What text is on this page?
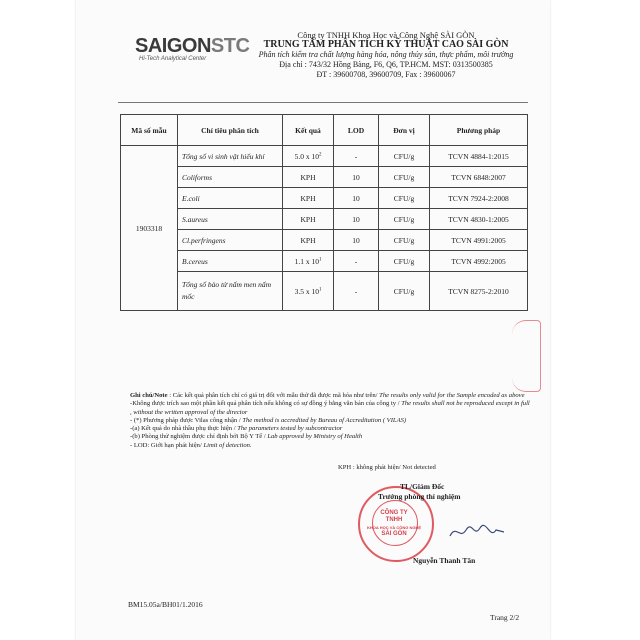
SAIGONSTC
Hi-Tech Analytical Center
Công ty TNHH Khoa Học và Công Nghệ SÀI GÒN
TRUNG TÂM PHÂN TÍCH KỸ THUẬT CAO SÀI GÒN
Phân tích kiểm tra chất lượng hàng hóa, nông thủy sản, thực phẩm, môi trường
Địa chỉ : 743/32 Hồng Bàng, F6, Q6, TP.HCM. MST: 0313500385
ĐT : 39600708, 39600709, Fax : 39600067
Mã số mẫu	Chỉ tiêu phân tích	Kết quả	LOD	Đơn vị	Phương pháp
1903318	Tổng số vi sinh vật hiếu khí	5.0 x $10^2$	-	CFU/g	TCVN 4884-1:2015
	Coliforms	KPH	10	CFU/g	TCVN 6848:2007
	E.coli	KPH	10	CFU/g	TCVN 7924-2:2008
	S.aureus	KPH	10	CFU/g	TCVN 4830-1:2005
	Cl.perfringens	KPH	10	CFU/g	TCVN 4991:2005
	B.cereus	1.1 x $10^1$	-	CFU/g	TCVN 4992:2005
	Tổng số bào tử nấm men nấm mốc	3.5 x $10^1$	-	CFU/g	TCVN 8275-2:2010
Ghi chú/Note : Các kết quả phân tích chỉ có giá trị đối với mẫu thử đã được mã hóa như trên/ The results only valid for the Sample encoded as above
-Không được trích sao một phần kết quả phân tích nếu không có sự đồng ý bằng văn bản của công ty / The results shall not be reproduced except in full , without the written approval of the director
- (*) Phương pháp được Vilas công nhận / The method is accredited by Bureau of Accreditation ( VILAS)
-(a) Kết quả do nhà thầu phụ thực hiện / The parameters tested by subcontractor
-(b) Phòng thử nghiệm được chỉ định bởi Bộ Y Tế / Lab approved by Ministry of Health
- LOD: Giới hạn phát hiện/ Limit of detection.
KPH : không phát hiện/ Not detected
CÔNG TY
TNHH
KHOA HỌC VÀ CÔNG NGHỆ
SÀI GÒN
TL/Giám Đốc
Trưởng phòng thí nghiệm
Nguyễn Thanh Tân
BM15.05a/BH01/1.2016
Trang 2/2
